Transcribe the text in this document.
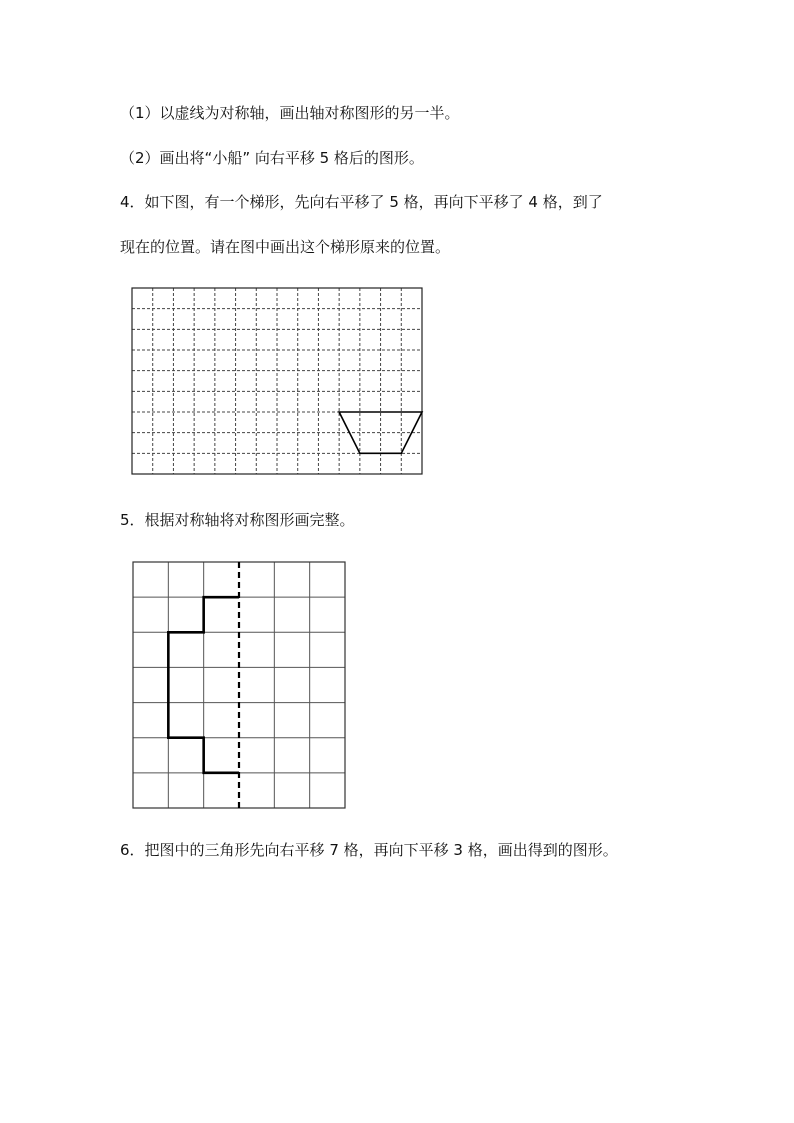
（1）以虚线为对称轴，画出轴对称图形的另一半。
（2）画出将“小船” 向右平移 5 格后的图形。
4．如下图，有一个梯形，先向右平移了 5 格，再向下平移了 4 格，到了
现在的位置。请在图中画出这个梯形原来的位置。
5．根据对称轴将对称图形画完整。
6．把图中的三角形先向右平移 7 格，再向下平移 3 格，画出得到的图形。
